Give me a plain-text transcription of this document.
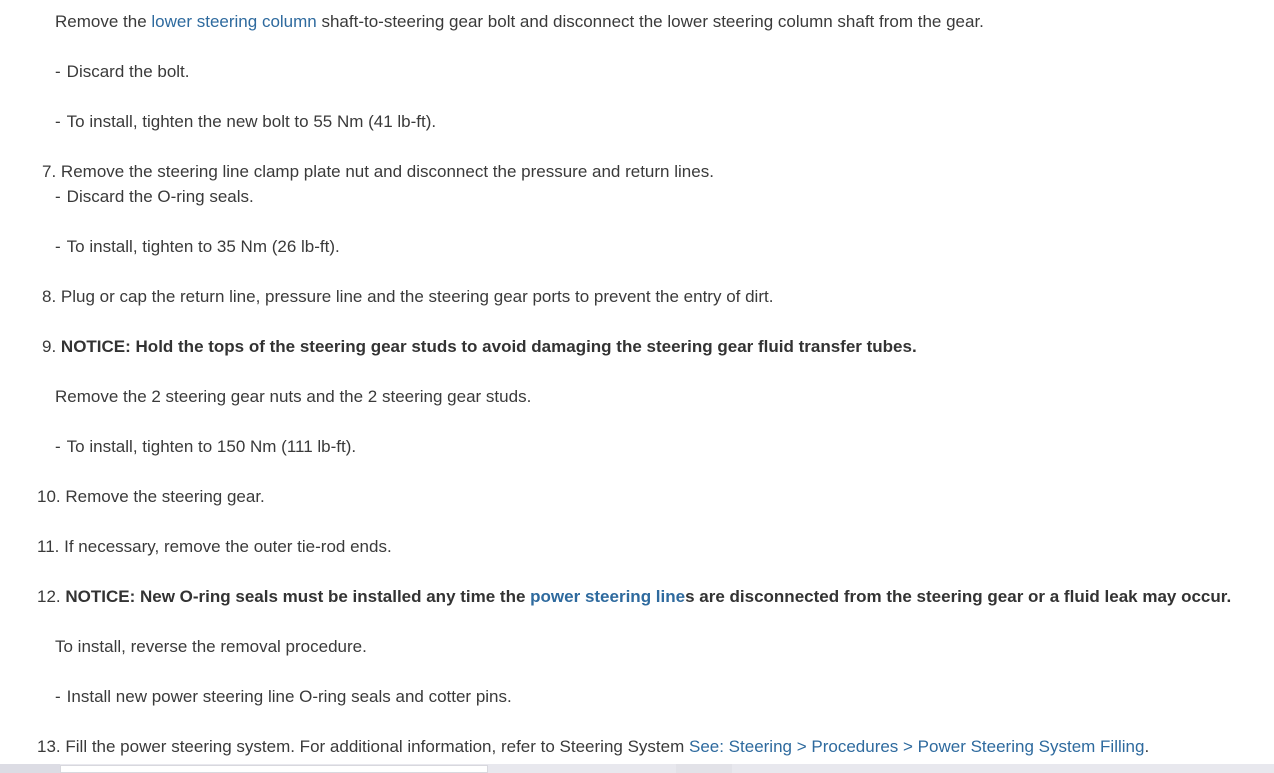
Remove the lower steering column shaft-to-steering gear bolt and disconnect the lower steering column shaft from the gear.
- Discard the bolt.
- To install, tighten the new bolt to 55 Nm (41 lb-ft).
7. Remove the steering line clamp plate nut and disconnect the pressure and return lines.
- Discard the O-ring seals.
- To install, tighten to 35 Nm (26 lb-ft).
8. Plug or cap the return line, pressure line and the steering gear ports to prevent the entry of dirt.
9. NOTICE: Hold the tops of the steering gear studs to avoid damaging the steering gear fluid transfer tubes.
Remove the 2 steering gear nuts and the 2 steering gear studs.
- To install, tighten to 150 Nm (111 lb-ft).
10. Remove the steering gear.
11. If necessary, remove the outer tie-rod ends.
12. NOTICE: New O-ring seals must be installed any time the power steering lines are disconnected from the steering gear or a fluid leak may occur.
To install, reverse the removal procedure.
- Install new power steering line O-ring seals and cotter pins.
13. Fill the power steering system. For additional information, refer to Steering System See: Steering > Procedures > Power Steering System Filling.
